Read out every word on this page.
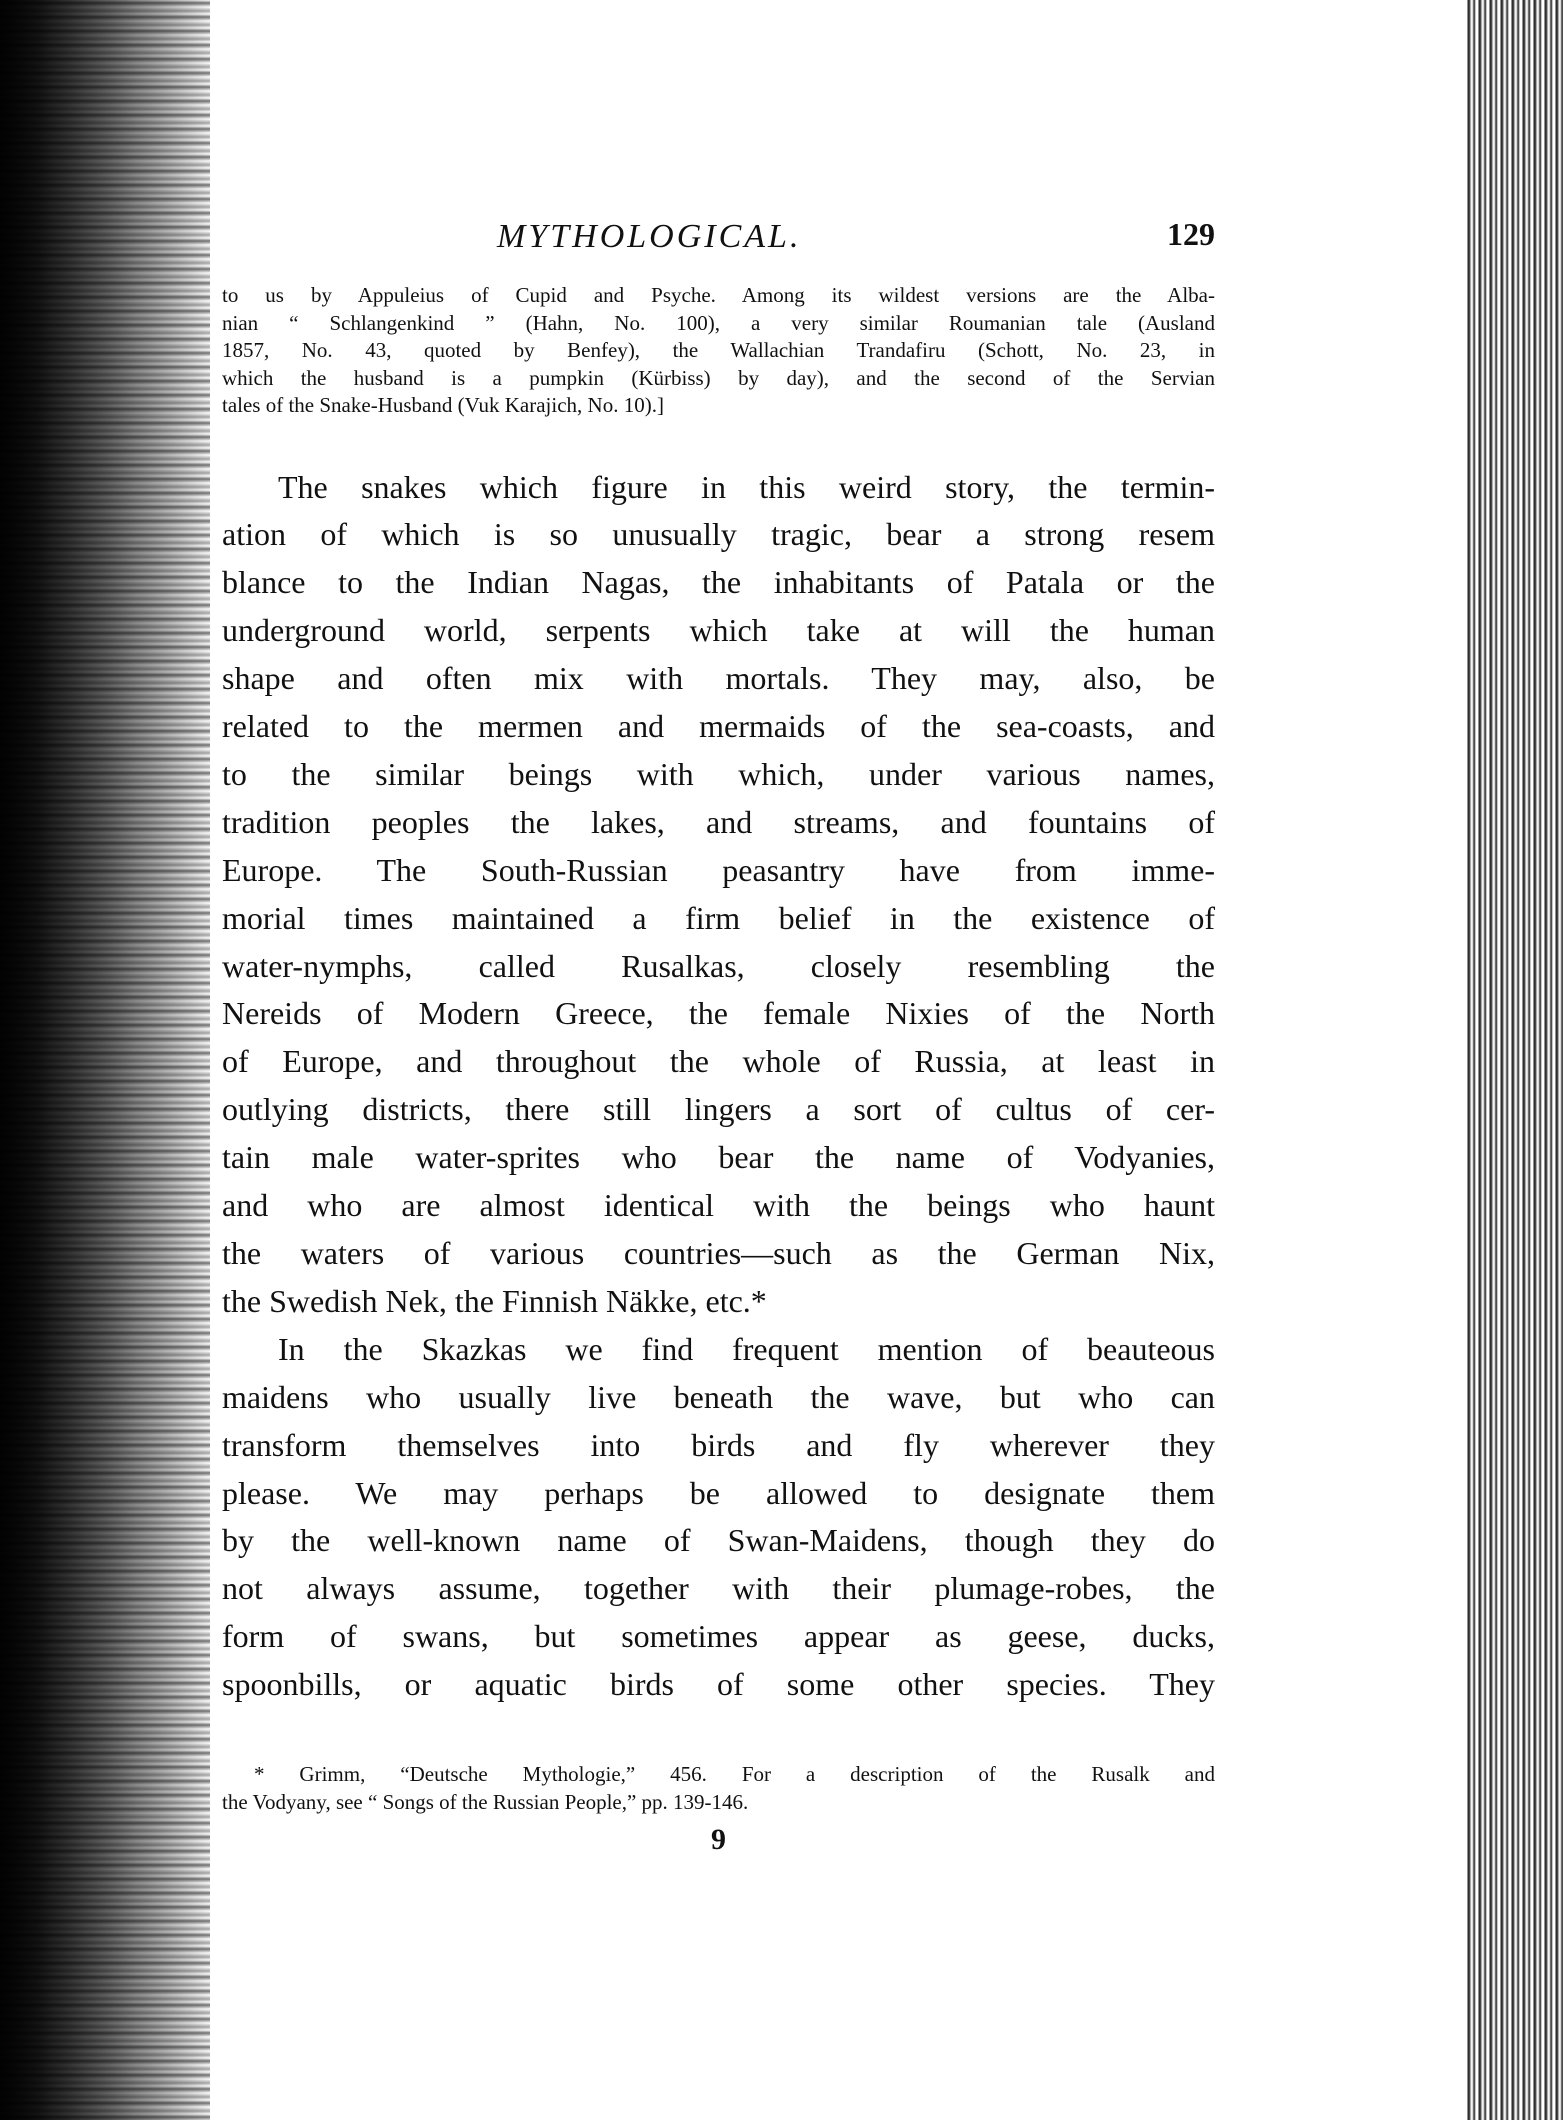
MYTHOLOGICAL.	129
to us by Appuleius of Cupid and Psyche. Among its wildest versions are the Alba-
nian “ Schlangenkind ” (Hahn, No. 100), a very similar Roumanian tale (Ausland
1857, No. 43, quoted by Benfey), the Wallachian Trandafiru (Schott, No. 23, in
which the husband is a pumpkin (Kürbiss) by day), and the second of the Servian
tales of the Snake-Husband (Vuk Karajich, No. 10).]

The snakes which figure in this weird story, the termin-
ation of which is so unusually tragic, bear a strong resem
blance to the Indian Nagas, the inhabitants of Patala or the
underground world, serpents which take at will the human
shape and often mix with mortals. They may, also, be
related to the mermen and mermaids of the sea-coasts, and
to the similar beings with which, under various names,
tradition peoples the lakes, and streams, and fountains of
Europe. The South-Russian peasantry have from imme-
morial times maintained a firm belief in the existence of
water-nymphs, called Rusalkas, closely resembling the
Nereids of Modern Greece, the female Nixies of the North
of Europe, and throughout the whole of Russia, at least in
outlying districts, there still lingers a sort of cultus of cer-
tain male water-sprites who bear the name of Vodyanies,
and who are almost identical with the beings who haunt
the waters of various countries—such as the German Nix,
the Swedish Nek, the Finnish Näkke, etc.*

In the Skazkas we find frequent mention of beauteous
maidens who usually live beneath the wave, but who can
transform themselves into birds and fly wherever they
please. We may perhaps be allowed to designate them
by the well-known name of Swan-Maidens, though they do
not always assume, together with their plumage-robes, the
form of swans, but sometimes appear as geese, ducks,
spoonbills, or aquatic birds of some other species. They

* Grimm, “Deutsche Mythologie,” 456. For a description of the Rusalk and
the Vodyany, see “ Songs of the Russian People,” pp. 139-146.
9
